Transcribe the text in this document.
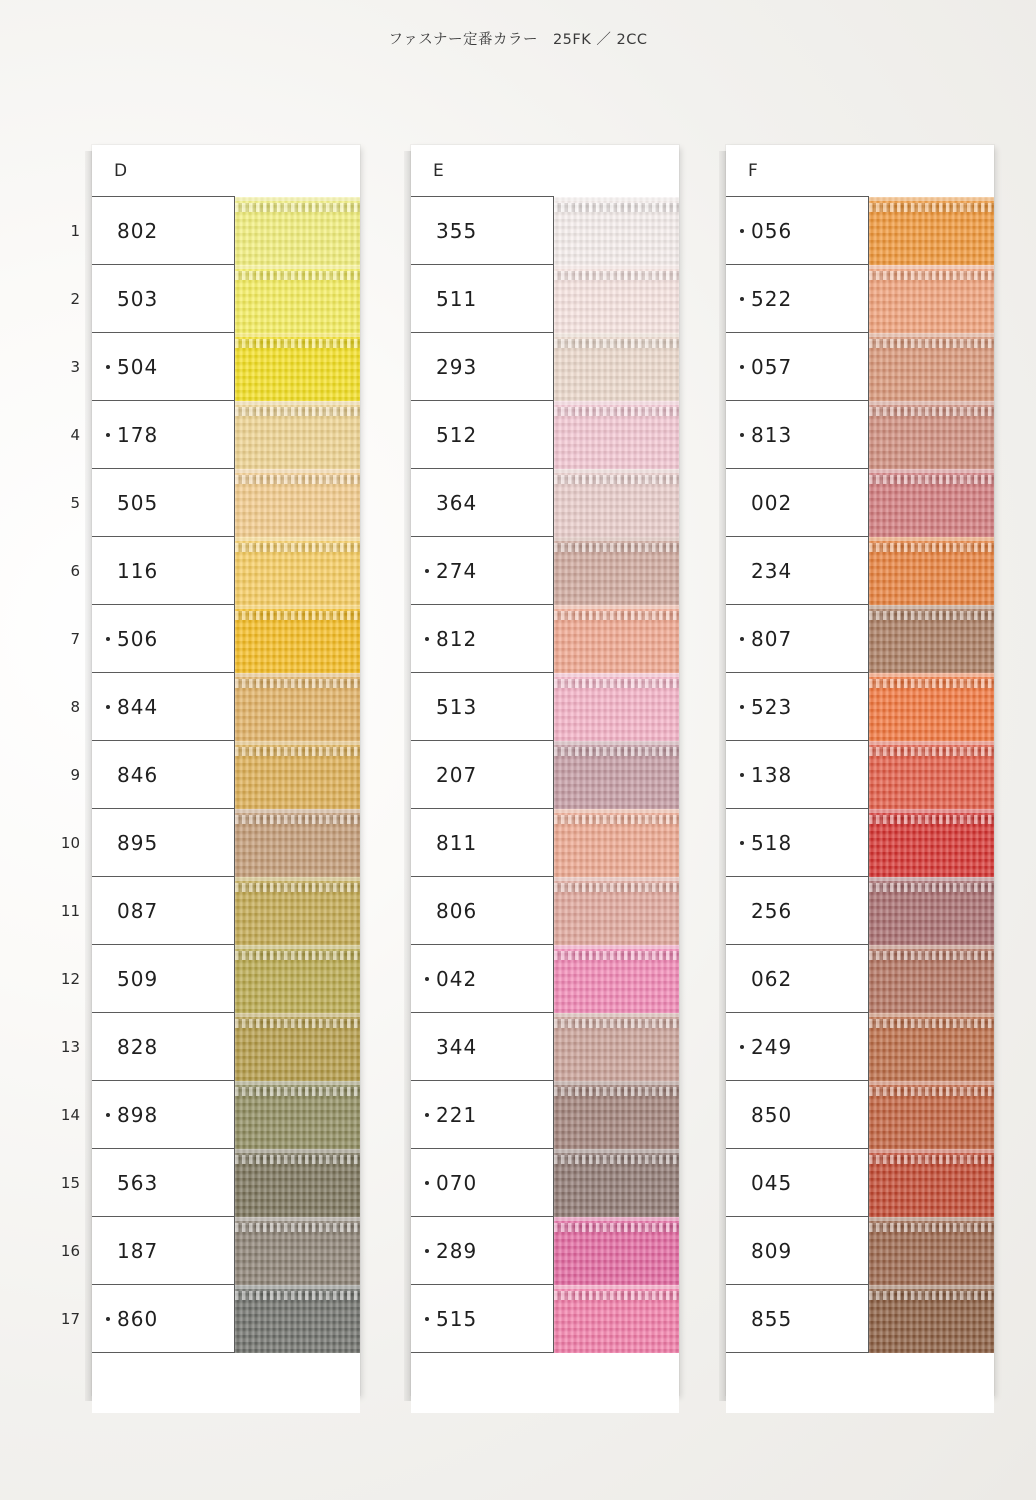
ファスナー定番カラー　25FK ／ 2CC
1
2
3
4
5
6
7
8
9
10
11
12
13
14
15
16
17
D
802
503
504
178
505
116
506
844
846
895
087
509
828
898
563
187
860
E
355
511
293
512
364
274
812
513
207
811
806
042
344
221
070
289
515
F
056
522
057
813
002
234
807
523
138
518
256
062
249
850
045
809
855
